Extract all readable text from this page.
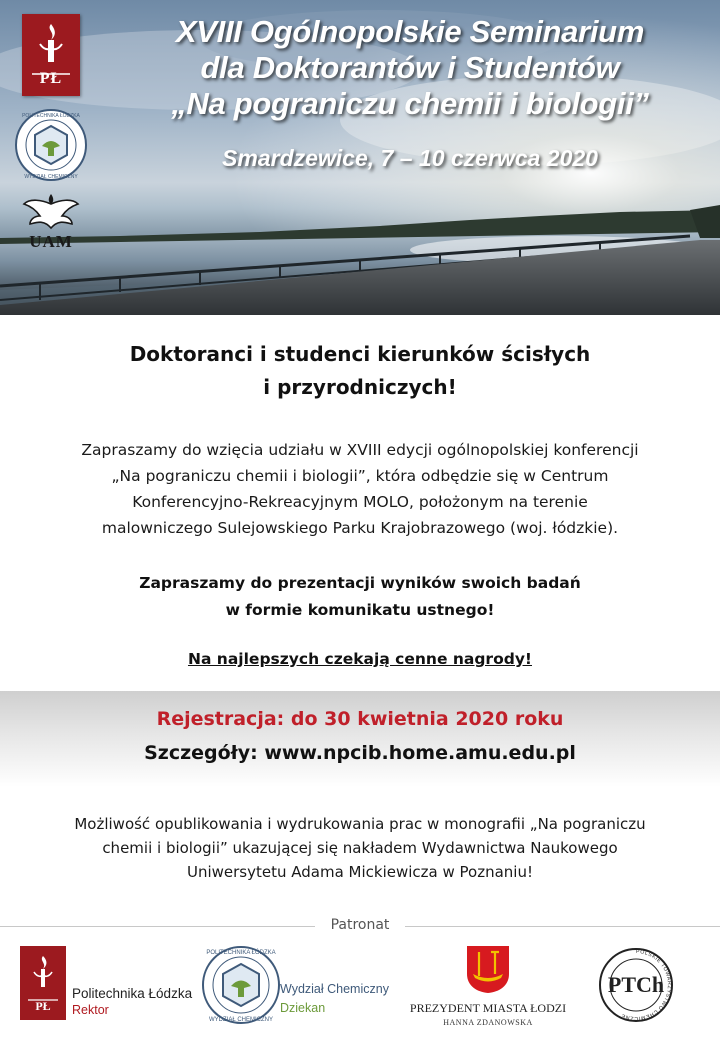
PŁ
POLITECHNIKA ŁÓDZKA
WYDZIAŁ CHEMICZNY
UAM
XVIII Ogólnopolskie Seminarium
dla Doktorantów i Studentów
„Na pograniczu chemii i biologii”
Smardzewice, 7 – 10 czerwca 2020
Doktoranci i studenci kierunków ścisłych
i przyrodniczych!
Zapraszamy do wzięcia udziału w XVIII edycji ogólnopolskiej konferencji
„Na pograniczu chemii i biologii”, która odbędzie się w Centrum
Konferencyjno-Rekreacyjnym MOLO, położonym na terenie
malowniczego Sulejowskiego Parku Krajobrazowego (woj. łódzkie).
Zapraszamy do prezentacji wyników swoich badań
w formie komunikatu ustnego!
Na najlepszych czekają cenne nagrody!
Rejestracja: do 30 kwietnia 2020 roku
Szczegóły: www.npcib.home.amu.edu.pl
Możliwość opublikowania i wydrukowania prac w monografii „Na pograniczu
chemii i biologii” ukazującej się nakładem Wydawnictwa Naukowego
Uniwersytetu Adama Mickiewicza w Poznaniu!
Patronat
PŁ
Politechnika Łódzka
Rektor
POLITECHNIKA ŁÓDZKA
WYDZIAŁ CHEMICZNY
Wydział Chemiczny
Dziekan	PREZYDENT MIASTA ŁODZI
HANNA ZDANOWSKA
PTCh
POLSKIE TOWARZYSTWO CHEMICZNE
